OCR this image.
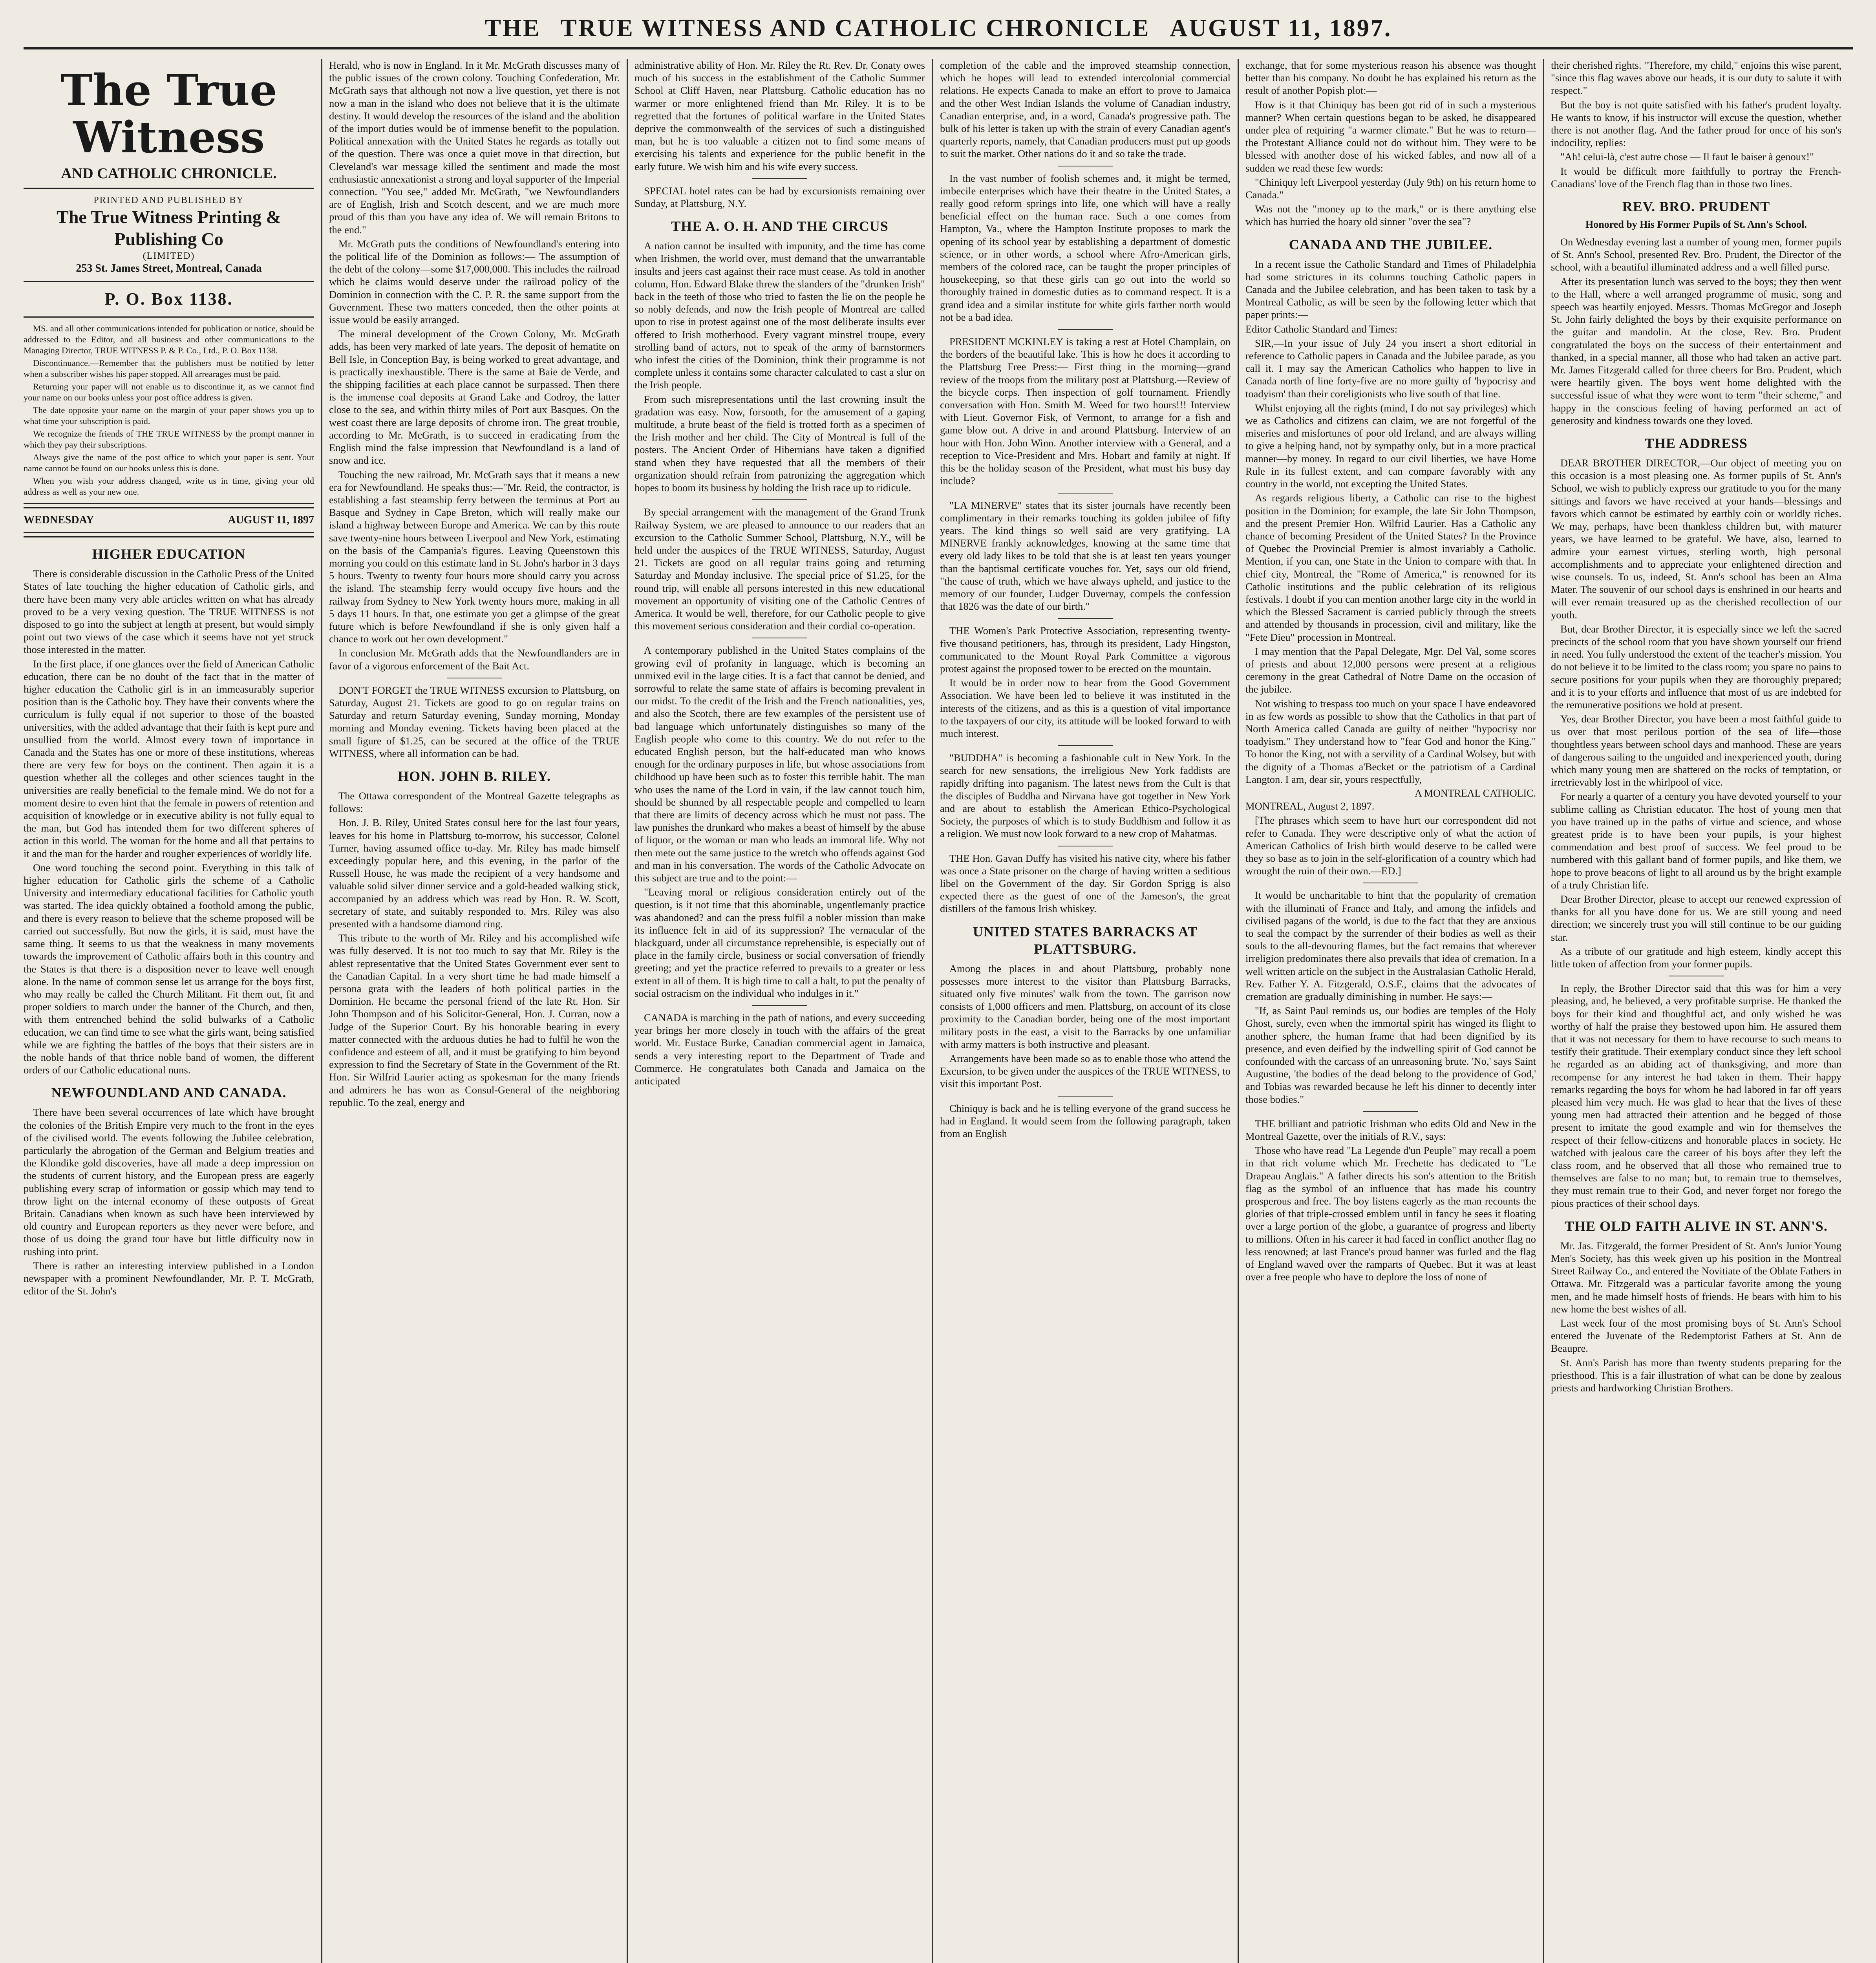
THE TRUE WITNESS AND CATHOLIC CHRONICLE AUGUST 11, 1897.
The True Witness
AND CATHOLIC CHRONICLE.
PRINTED AND PUBLISHED BY
The True Witness Printing & Publishing Co
(LIMITED)
253 St. James Street, Montreal, Canada
P. O. Box 1138.

MS. and all other communications intended for publication or notice, should be addressed to the Editor, and all business and other communications to the Managing Director, TRUE WITNESS P. & P. Co., Ltd., P. O. Box 1138.

Discontinuance.—Remember that the publishers must be notified by letter when a subscriber wishes his paper stopped. All arrearages must be paid.

Returning your paper will not enable us to discontinue it, as we cannot find your name on our books unless your post office address is given.

The date opposite your name on the margin of your paper shows you up to what time your subscription is paid.

We recognize the friends of THE TRUE WITNESS by the prompt manner in which they pay their subscriptions.

Always give the name of the post office to which your paper is sent. Your name cannot be found on our books unless this is done.

When you wish your address changed, write us in time, giving your old address as well as your new one.

WEDNESDAY	AUGUST 11, 1897
HIGHER EDUCATION

There is considerable discussion in the Catholic Press of the United States of late touching the higher education of Catholic girls, and there have been many very able articles written on what has already proved to be a very vexing question. The TRUE WITNESS is not disposed to go into the subject at length at present, but would simply point out two views of the case which it seems have not yet struck those interested in the matter.

In the first place, if one glances over the field of American Catholic education, there can be no doubt of the fact that in the matter of higher education the Catholic girl is in an immeasurably superior position than is the Catholic boy. They have their convents where the curriculum is fully equal if not superior to those of the boasted universities, with the added advantage that their faith is kept pure and unsullied from the world. Almost every town of importance in Canada and the States has one or more of these institutions, whereas there are very few for boys on the continent. Then again it is a question whether all the colleges and other sciences taught in the universities are really beneficial to the female mind. We do not for a moment desire to even hint that the female in powers of retention and acquisition of knowledge or in executive ability is not fully equal to the man, but God has intended them for two different spheres of action in this world. The woman for the home and all that pertains to it and the man for the harder and rougher experiences of worldly life.

One word touching the second point. Everything in this talk of higher education for Catholic girls the scheme of a Catholic University and intermediary educational facilities for Catholic youth was started. The idea quickly obtained a foothold among the public, and there is every reason to believe that the scheme proposed will be carried out successfully. But now the girls, it is said, must have the same thing. It seems to us that the weakness in many movements towards the improvement of Catholic affairs both in this country and the States is that there is a disposition never to leave well enough alone. In the name of common sense let us arrange for the boys first, who may really be called the Church Militant. Fit them out, fit and proper soldiers to march under the banner of the Church, and then, with them entrenched behind the solid bulwarks of a Catholic education, we can find time to see what the girls want, being satisfied while we are fighting the battles of the boys that their sisters are in the noble hands of that thrice noble band of women, the different orders of our Catholic educational nuns.

NEWFOUNDLAND AND CANADA.

There have been several occurrences of late which have brought the colonies of the British Empire very much to the front in the eyes of the civilised world. The events following the Jubilee celebration, particularly the abrogation of the German and Belgium treaties and the Klondike gold discoveries, have all made a deep impression on the students of current history, and the European press are eagerly publishing every scrap of information or gossip which may tend to throw light on the internal economy of these outposts of Great Britain. Canadians when known as such have been interviewed by old country and European reporters as they never were before, and those of us doing the grand tour have but little difficulty now in rushing into print.

There is rather an interesting interview published in a London newspaper with a prominent Newfoundlander, Mr. P. T. McGrath, editor of the St. John's

Herald, who is now in England. In it Mr. McGrath discusses many of the public issues of the crown colony. Touching Confederation, Mr. McGrath says that although not now a live question, yet there is not now a man in the island who does not believe that it is the ultimate destiny. It would develop the resources of the island and the abolition of the import duties would be of immense benefit to the population. Political annexation with the United States he regards as totally out of the question. There was once a quiet move in that direction, but Cleveland's war message killed the sentiment and made the most enthusiastic annexationist a strong and loyal supporter of the Imperial connection. "You see," added Mr. McGrath, "we Newfoundlanders are of English, Irish and Scotch descent, and we are much more proud of this than you have any idea of. We will remain Britons to the end."

Mr. McGrath puts the conditions of Newfoundland's entering into the political life of the Dominion as follows:— The assumption of the debt of the colony—some $17,000,000. This includes the railroad which he claims would deserve under the railroad policy of the Dominion in connection with the C. P. R. the same support from the Government. These two matters conceded, then the other points at issue would be easily arranged.

The mineral development of the Crown Colony, Mr. McGrath adds, has been very marked of late years. The deposit of hematite on Bell Isle, in Conception Bay, is being worked to great advantage, and is practically inexhaustible. There is the same at Baie de Verde, and the shipping facilities at each place cannot be surpassed. Then there is the immense coal deposits at Grand Lake and Codroy, the latter close to the sea, and within thirty miles of Port aux Basques. On the west coast there are large deposits of chrome iron. The great trouble, according to Mr. McGrath, is to succeed in eradicating from the English mind the false impression that Newfoundland is a land of snow and ice.

Touching the new railroad, Mr. McGrath says that it means a new era for Newfoundland. He speaks thus:—"Mr. Reid, the contractor, is establishing a fast steamship ferry between the terminus at Port au Basque and Sydney in Cape Breton, which will really make our island a highway between Europe and America. We can by this route save twenty-nine hours between Liverpool and New York, estimating on the basis of the Campania's figures. Leaving Queenstown this morning you could on this estimate land in St. John's harbor in 3 days 5 hours. Twenty to twenty four hours more should carry you across the island. The steamship ferry would occupy five hours and the railway from Sydney to New York twenty hours more, making in all 5 days 11 hours. In that, one estimate you get a glimpse of the great future which is before Newfoundland if she is only given half a chance to work out her own development."

In conclusion Mr. McGrath adds that the Newfoundlanders are in favor of a vigorous enforcement of the Bait Act.

DON'T FORGET the TRUE WITNESS excursion to Plattsburg, on Saturday, August 21. Tickets are good to go on regular trains on Saturday and return Saturday evening, Sunday morning, Monday morning and Monday evening. Tickets having been placed at the small figure of $1.25, can be secured at the office of the TRUE WITNESS, where all information can be had.

HON. JOHN B. RILEY.

The Ottawa correspondent of the Montreal Gazette telegraphs as follows:

Hon. J. B. Riley, United States consul here for the last four years, leaves for his home in Plattsburg to-morrow, his successor, Colonel Turner, having assumed office to-day. Mr. Riley has made himself exceedingly popular here, and this evening, in the parlor of the Russell House, he was made the recipient of a very handsome and valuable solid silver dinner service and a gold-headed walking stick, accompanied by an address which was read by Hon. R. W. Scott, secretary of state, and suitably responded to. Mrs. Riley was also presented with a handsome diamond ring.

This tribute to the worth of Mr. Riley and his accomplished wife was fully deserved. It is not too much to say that Mr. Riley is the ablest representative that the United States Government ever sent to the Canadian Capital. In a very short time he had made himself a persona grata with the leaders of both political parties in the Dominion. He became the personal friend of the late Rt. Hon. Sir John Thompson and of his Solicitor-General, Hon. J. Curran, now a Judge of the Superior Court. By his honorable bearing in every matter connected with the arduous duties he had to fulfil he won the confidence and esteem of all, and it must be gratifying to him beyond expression to find the Secretary of State in the Government of the Rt. Hon. Sir Wilfrid Laurier acting as spokesman for the many friends and admirers he has won as Consul-General of the neighboring republic. To the zeal, energy and

administrative ability of Hon. Mr. Riley the Rt. Rev. Dr. Conaty owes much of his success in the establishment of the Catholic Summer School at Cliff Haven, near Plattsburg. Catholic education has no warmer or more enlightened friend than Mr. Riley. It is to be regretted that the fortunes of political warfare in the United States deprive the commonwealth of the services of such a distinguished man, but he is too valuable a citizen not to find some means of exercising his talents and experience for the public benefit in the early future. We wish him and his wife every success.

SPECIAL hotel rates can be had by excursionists remaining over Sunday, at Plattsburg, N.Y.

THE A. O. H. AND THE CIRCUS

A nation cannot be insulted with impunity, and the time has come when Irishmen, the world over, must demand that the unwarrantable insults and jeers cast against their race must cease. As told in another column, Hon. Edward Blake threw the slanders of the "drunken Irish" back in the teeth of those who tried to fasten the lie on the people he so nobly defends, and now the Irish people of Montreal are called upon to rise in protest against one of the most deliberate insults ever offered to Irish motherhood. Every vagrant minstrel troupe, every strolling band of actors, not to speak of the army of barnstormers who infest the cities of the Dominion, think their programme is not complete unless it contains some character calculated to cast a slur on the Irish people.

From such misrepresentations until the last crowning insult the gradation was easy. Now, forsooth, for the amusement of a gaping multitude, a brute beast of the field is trotted forth as a specimen of the Irish mother and her child. The City of Montreal is full of the posters. The Ancient Order of Hibernians have taken a dignified stand when they have requested that all the members of their organization should refrain from patronizing the aggregation which hopes to boom its business by holding the Irish race up to ridicule.

By special arrangement with the management of the Grand Trunk Railway System, we are pleased to announce to our readers that an excursion to the Catholic Summer School, Plattsburg, N.Y., will be held under the auspices of the TRUE WITNESS, Saturday, August 21. Tickets are good on all regular trains going and returning Saturday and Monday inclusive. The special price of $1.25, for the round trip, will enable all persons interested in this new educational movement an opportunity of visiting one of the Catholic Centres of America. It would be well, therefore, for our Catholic people to give this movement serious consideration and their cordial co-operation.

A contemporary published in the United States complains of the growing evil of profanity in language, which is becoming an unmixed evil in the large cities. It is a fact that cannot be denied, and sorrowful to relate the same state of affairs is becoming prevalent in our midst. To the credit of the Irish and the French nationalities, yes, and also the Scotch, there are few examples of the persistent use of bad language which unfortunately distinguishes so many of the English people who come to this country. We do not refer to the educated English person, but the half-educated man who knows enough for the ordinary purposes in life, but whose associations from childhood up have been such as to foster this terrible habit. The man who uses the name of the Lord in vain, if the law cannot touch him, should be shunned by all respectable people and compelled to learn that there are limits of decency across which he must not pass. The law punishes the drunkard who makes a beast of himself by the abuse of liquor, or the woman or man who leads an immoral life. Why not then mete out the same justice to the wretch who offends against God and man in his conversation. The words of the Catholic Advocate on this subject are true and to the point:—

"Leaving moral or religious consideration entirely out of the question, is it not time that this abominable, ungentlemanly practice was abandoned? and can the press fulfil a nobler mission than make its influence felt in aid of its suppression? The vernacular of the blackguard, under all circumstance reprehensible, is especially out of place in the family circle, business or social conversation of friendly greeting; and yet the practice referred to prevails to a greater or less extent in all of them. It is high time to call a halt, to put the penalty of social ostracism on the individual who indulges in it."

CANADA is marching in the path of nations, and every succeeding year brings her more closely in touch with the affairs of the great world. Mr. Eustace Burke, Canadian commercial agent in Jamaica, sends a very interesting report to the Department of Trade and Commerce. He congratulates both Canada and Jamaica on the anticipated

completion of the cable and the improved steamship connection, which he hopes will lead to extended intercolonial commercial relations. He expects Canada to make an effort to prove to Jamaica and the other West Indian Islands the volume of Canadian industry, Canadian enterprise, and, in a word, Canada's progressive path. The bulk of his letter is taken up with the strain of every Canadian agent's quarterly reports, namely, that Canadian producers must put up goods to suit the market. Other nations do it and so take the trade.

In the vast number of foolish schemes and, it might be termed, imbecile enterprises which have their theatre in the United States, a really good reform springs into life, one which will have a really beneficial effect on the human race. Such a one comes from Hampton, Va., where the Hampton Institute proposes to mark the opening of its school year by establishing a department of domestic science, or in other words, a school where Afro-American girls, members of the colored race, can be taught the proper principles of housekeeping, so that these girls can go out into the world so thoroughly trained in domestic duties as to command respect. It is a grand idea and a similar institute for white girls farther north would not be a bad idea.

PRESIDENT MCKINLEY is taking a rest at Hotel Champlain, on the borders of the beautiful lake. This is how he does it according to the Plattsburg Free Press:— First thing in the morning—grand review of the troops from the military post at Plattsburg.—Review of the bicycle corps. Then inspection of golf tournament. Friendly conversation with Hon. Smith M. Weed for two hours!!! Interview with Lieut. Governor Fisk, of Vermont, to arrange for a fish and game blow out. A drive in and around Plattsburg. Interview of an hour with Hon. John Winn. Another interview with a General, and a reception to Vice-President and Mrs. Hobart and family at night. If this be the holiday season of the President, what must his busy day include?

"LA MINERVE" states that its sister journals have recently been complimentary in their remarks touching its golden jubilee of fifty years. The kind things so well said are very gratifying. LA MINERVE frankly acknowledges, knowing at the same time that every old lady likes to be told that she is at least ten years younger than the baptismal certificate vouches for. Yet, says our old friend, "the cause of truth, which we have always upheld, and justice to the memory of our founder, Ludger Duvernay, compels the confession that 1826 was the date of our birth."

THE Women's Park Protective Association, representing twenty-five thousand petitioners, has, through its president, Lady Hingston, communicated to the Mount Royal Park Committee a vigorous protest against the proposed tower to be erected on the mountain.

It would be in order now to hear from the Good Government Association. We have been led to believe it was instituted in the interests of the citizens, and as this is a question of vital importance to the taxpayers of our city, its attitude will be looked forward to with much interest.

"BUDDHA" is becoming a fashionable cult in New York. In the search for new sensations, the irreligious New York faddists are rapidly drifting into paganism. The latest news from the Cult is that the disciples of Buddha and Nirvana have got together in New York and are about to establish the American Ethico-Psychological Society, the purposes of which is to study Buddhism and follow it as a religion. We must now look forward to a new crop of Mahatmas.

THE Hon. Gavan Duffy has visited his native city, where his father was once a State prisoner on the charge of having written a seditious libel on the Government of the day. Sir Gordon Sprigg is also expected there as the guest of one of the Jameson's, the great distillers of the famous Irish whiskey.

UNITED STATES BARRACKS AT PLATTSBURG.

Among the places in and about Plattsburg, probably none possesses more interest to the visitor than Plattsburg Barracks, situated only five minutes' walk from the town. The garrison now consists of 1,000 officers and men. Plattsburg, on account of its close proximity to the Canadian border, being one of the most important military posts in the east, a visit to the Barracks by one unfamiliar with army matters is both instructive and pleasant.

Arrangements have been made so as to enable those who attend the Excursion, to be given under the auspices of the TRUE WITNESS, to visit this important Post.

Chiniquy is back and he is telling everyone of the grand success he had in England. It would seem from the following paragraph, taken from an English

exchange, that for some mysterious reason his absence was thought better than his company. No doubt he has explained his return as the result of another Popish plot:—

How is it that Chiniquy has been got rid of in such a mysterious manner? When certain questions began to be asked, he disappeared under plea of requiring "a warmer climate." But he was to return—the Protestant Alliance could not do without him. They were to be blessed with another dose of his wicked fables, and now all of a sudden we read these few words:

"Chiniquy left Liverpool yesterday (July 9th) on his return home to Canada."

Was not the "money up to the mark," or is there anything else which has hurried the hoary old sinner "over the sea"?

CANADA AND THE JUBILEE.

In a recent issue the Catholic Standard and Times of Philadelphia had some strictures in its columns touching Catholic papers in Canada and the Jubilee celebration, and has been taken to task by a Montreal Catholic, as will be seen by the following letter which that paper prints:—

Editor Catholic Standard and Times:

SIR,—In your issue of July 24 you insert a short editorial in reference to Catholic papers in Canada and the Jubilee parade, as you call it. I may say the American Catholics who happen to live in Canada north of line forty-five are no more guilty of 'hypocrisy and toadyism' than their coreligionists who live south of that line.

Whilst enjoying all the rights (mind, I do not say privileges) which we as Catholics and citizens can claim, we are not forgetful of the miseries and misfortunes of poor old Ireland, and are always willing to give a helping hand, not by sympathy only, but in a more practical manner—by money. In regard to our civil liberties, we have Home Rule in its fullest extent, and can compare favorably with any country in the world, not excepting the United States.

As regards religious liberty, a Catholic can rise to the highest position in the Dominion; for example, the late Sir John Thompson, and the present Premier Hon. Wilfrid Laurier. Has a Catholic any chance of becoming President of the United States? In the Province of Quebec the Provincial Premier is almost invariably a Catholic. Mention, if you can, one State in the Union to compare with that. In chief city, Montreal, the "Rome of America," is renowned for its Catholic institutions and the public celebration of its religious festivals. I doubt if you can mention another large city in the world in which the Blessed Sacrament is carried publicly through the streets and attended by thousands in procession, civil and military, like the "Fete Dieu" procession in Montreal.

I may mention that the Papal Delegate, Mgr. Del Val, some scores of priests and about 12,000 persons were present at a religious ceremony in the great Cathedral of Notre Dame on the occasion of the jubilee.

Not wishing to trespass too much on your space I have endeavored in as few words as possible to show that the Catholics in that part of North America called Canada are guilty of neither "hypocrisy nor toadyism." They understand how to "fear God and honor the King." To honor the King, not with a servility of a Cardinal Wolsey, but with the dignity of a Thomas a'Becket or the patriotism of a Cardinal Langton. I am, dear sir, yours respectfully,

A MONTREAL CATHOLIC.

MONTREAL, August 2, 1897.

[The phrases which seem to have hurt our correspondent did not refer to Canada. They were descriptive only of what the action of American Catholics of Irish birth would deserve to be called were they so base as to join in the self-glorification of a country which had wrought the ruin of their own.—ED.]

It would be uncharitable to hint that the popularity of cremation with the illuminati of France and Italy, and among the infidels and civilised pagans of the world, is due to the fact that they are anxious to seal the compact by the surrender of their bodies as well as their souls to the all-devouring flames, but the fact remains that wherever irreligion predominates there also prevails that idea of cremation. In a well written article on the subject in the Australasian Catholic Herald, Rev. Father Y. A. Fitzgerald, O.S.F., claims that the advocates of cremation are gradually diminishing in number. He says:—

"If, as Saint Paul reminds us, our bodies are temples of the Holy Ghost, surely, even when the immortal spirit has winged its flight to another sphere, the human frame that had been dignified by its presence, and even deified by the indwelling spirit of God cannot be confounded with the carcass of an unreasoning brute. 'No,' says Saint Augustine, 'the bodies of the dead belong to the providence of God,' and Tobias was rewarded because he left his dinner to decently inter those bodies."

THE brilliant and patriotic Irishman who edits Old and New in the Montreal Gazette, over the initials of R.V., says:

Those who have read "La Legende d'un Peuple" may recall a poem in that rich volume which Mr. Frechette has dedicated to "Le Drapeau Anglais." A father directs his son's attention to the British flag as the symbol of an influence that has made his country prosperous and free. The boy listens eagerly as the man recounts the glories of that triple-crossed emblem until in fancy he sees it floating over a large portion of the globe, a guarantee of progress and liberty to millions. Often in his career it had faced in conflict another flag no less renowned; at last France's proud banner was furled and the flag of England waved over the ramparts of Quebec. But it was at least over a free people who have to deplore the loss of none of

their cherished rights. "Therefore, my child," enjoins this wise parent, "since this flag waves above our heads, it is our duty to salute it with respect."

But the boy is not quite satisfied with his father's prudent loyalty. He wants to know, if his instructor will excuse the question, whether there is not another flag. And the father proud for once of his son's indocility, replies:

"Ah! celui-là, c'est autre chose — Il faut le baiser à genoux!"

It would be difficult more faithfully to portray the French-Canadians' love of the French flag than in those two lines.

REV. BRO. PRUDENT
Honored by His Former Pupils of St. Ann's School.

On Wednesday evening last a number of young men, former pupils of St. Ann's School, presented Rev. Bro. Prudent, the Director of the school, with a beautiful illuminated address and a well filled purse.

After its presentation lunch was served to the boys; they then went to the Hall, where a well arranged programme of music, song and speech was heartily enjoyed. Messrs. Thomas McGregor and Joseph St. John fairly delighted the boys by their exquisite performance on the guitar and mandolin. At the close, Rev. Bro. Prudent congratulated the boys on the success of their entertainment and thanked, in a special manner, all those who had taken an active part. Mr. James Fitzgerald called for three cheers for Bro. Prudent, which were heartily given. The boys went home delighted with the successful issue of what they were wont to term "their scheme," and happy in the conscious feeling of having performed an act of generosity and kindness towards one they loved.

THE ADDRESS

DEAR BROTHER DIRECTOR,—Our object of meeting you on this occasion is a most pleasing one. As former pupils of St. Ann's School, we wish to publicly express our gratitude to you for the many sittings and favors we have received at your hands—blessings and favors which cannot be estimated by earthly coin or worldly riches. We may, perhaps, have been thankless children but, with maturer years, we have learned to be grateful. We have, also, learned to admire your earnest virtues, sterling worth, high personal accomplishments and to appreciate your enlightened direction and wise counsels. To us, indeed, St. Ann's school has been an Alma Mater. The souvenir of our school days is enshrined in our hearts and will ever remain treasured up as the cherished recollection of our youth.

But, dear Brother Director, it is especially since we left the sacred precincts of the school room that you have shown yourself our friend in need. You fully understood the extent of the teacher's mission. You do not believe it to be limited to the class room; you spare no pains to secure positions for your pupils when they are thoroughly prepared; and it is to your efforts and influence that most of us are indebted for the remunerative positions we hold at present.

Yes, dear Brother Director, you have been a most faithful guide to us over that most perilous portion of the sea of life—those thoughtless years between school days and manhood. These are years of dangerous sailing to the unguided and inexperienced youth, during which many young men are shattered on the rocks of temptation, or irretrievably lost in the whirlpool of vice.

For nearly a quarter of a century you have devoted yourself to your sublime calling as Christian educator. The host of young men that you have trained up in the paths of virtue and science, and whose greatest pride is to have been your pupils, is your highest commendation and best proof of success. We feel proud to be numbered with this gallant band of former pupils, and like them, we hope to prove beacons of light to all around us by the bright example of a truly Christian life.

Dear Brother Director, please to accept our renewed expression of thanks for all you have done for us. We are still young and need direction; we sincerely trust you will still continue to be our guiding star.

As a tribute of our gratitude and high esteem, kindly accept this little token of affection from your former pupils.

In reply, the Brother Director said that this was for him a very pleasing, and, he believed, a very profitable surprise. He thanked the boys for their kind and thoughtful act, and only wished he was worthy of half the praise they bestowed upon him. He assured them that it was not necessary for them to have recourse to such means to testify their gratitude. Their exemplary conduct since they left school he regarded as an abiding act of thanksgiving, and more than recompense for any interest he had taken in them. Their happy remarks regarding the boys for whom he had labored in far off years pleased him very much. He was glad to hear that the lives of these young men had attracted their attention and he begged of those present to imitate the good example and win for themselves the respect of their fellow-citizens and honorable places in society. He watched with jealous care the career of his boys after they left the class room, and he observed that all those who remained true to themselves are false to no man; but, to remain true to themselves, they must remain true to their God, and never forget nor forego the pious practices of their school days.

THE OLD FAITH ALIVE IN ST. ANN'S.

Mr. Jas. Fitzgerald, the former President of St. Ann's Junior Young Men's Society, has this week given up his position in the Montreal Street Railway Co., and entered the Novitiate of the Oblate Fathers in Ottawa. Mr. Fitzgerald was a particular favorite among the young men, and he made himself hosts of friends. He bears with him to his new home the best wishes of all.

Last week four of the most promising boys of St. Ann's School entered the Juvenate of the Redemptorist Fathers at St. Ann de Beaupre.

St. Ann's Parish has more than twenty students preparing for the priesthood. This is a fair illustration of what can be done by zealous priests and hardworking Christian Brothers.
